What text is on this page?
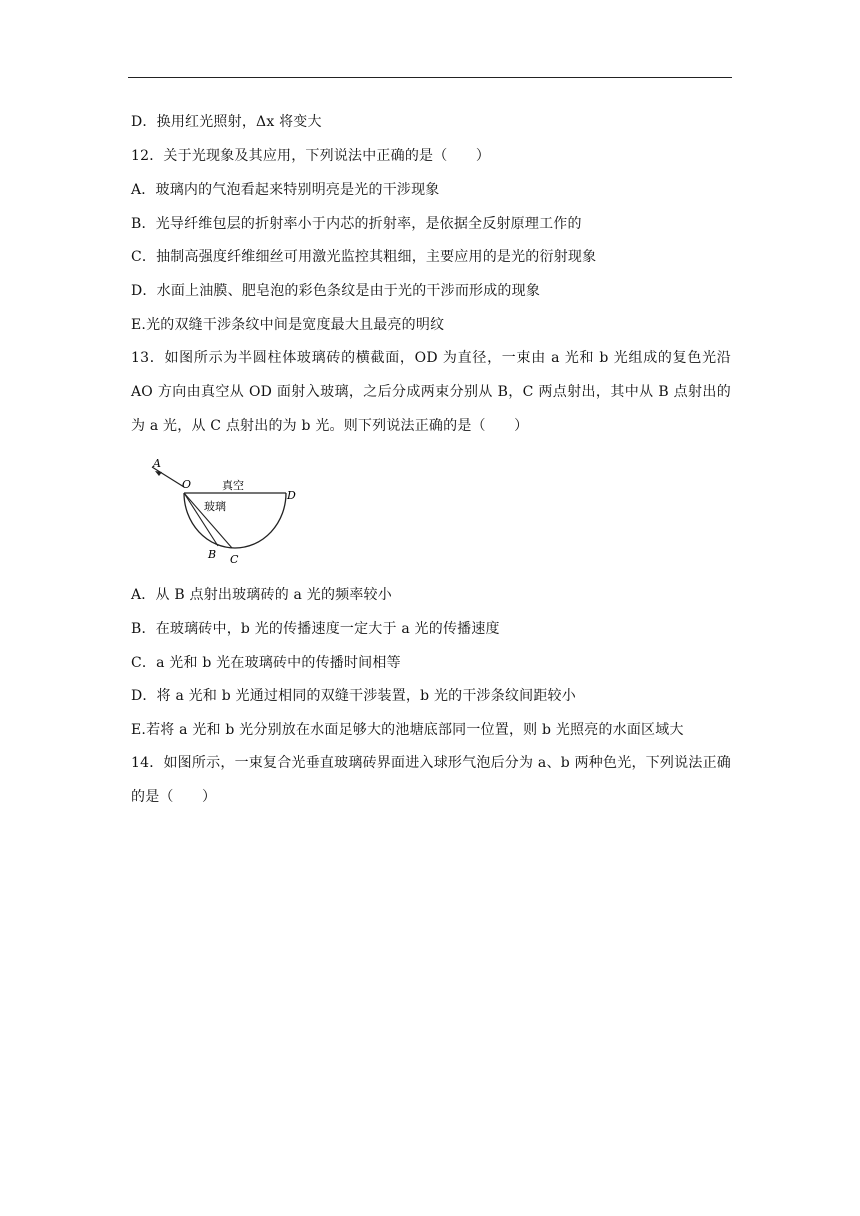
D．换用红光照射，Δx 将变大
12．关于光现象及其应用，下列说法中正确的是（　　）
A．玻璃内的气泡看起来特别明亮是光的干涉现象
B．光导纤维包层的折射率小于内芯的折射率，是依据全反射原理工作的
C．抽制高强度纤维细丝可用激光监控其粗细，主要应用的是光的衍射现象
D．水面上油膜、肥皂泡的彩色条纹是由于光的干涉而形成的现象
E.光的双缝干涉条纹中间是宽度最大且最亮的明纹
13．如图所示为半圆柱体玻璃砖的横截面，OD 为直径，一束由 a 光和 b 光组成的复色光沿 AO 方向由真空从 OD 面射入玻璃，之后分成两束分别从 B，C 两点射出，其中从 B 点射出的为 a 光，从 C 点射出的为 b 光。则下列说法正确的是（　　）
A
O
D
B C
真空
玻璃
A．从 B 点射出玻璃砖的 a 光的频率较小
B．在玻璃砖中，b 光的传播速度一定大于 a 光的传播速度
C．a 光和 b 光在玻璃砖中的传播时间相等
D．将 a 光和 b 光通过相同的双缝干涉装置，b 光的干涉条纹间距较小
E.若将 a 光和 b 光分别放在水面足够大的池塘底部同一位置，则 b 光照亮的水面区域大
14．如图所示，一束复合光垂直玻璃砖界面进入球形气泡后分为 a、b 两种色光，下列说法正确的是（　　）
